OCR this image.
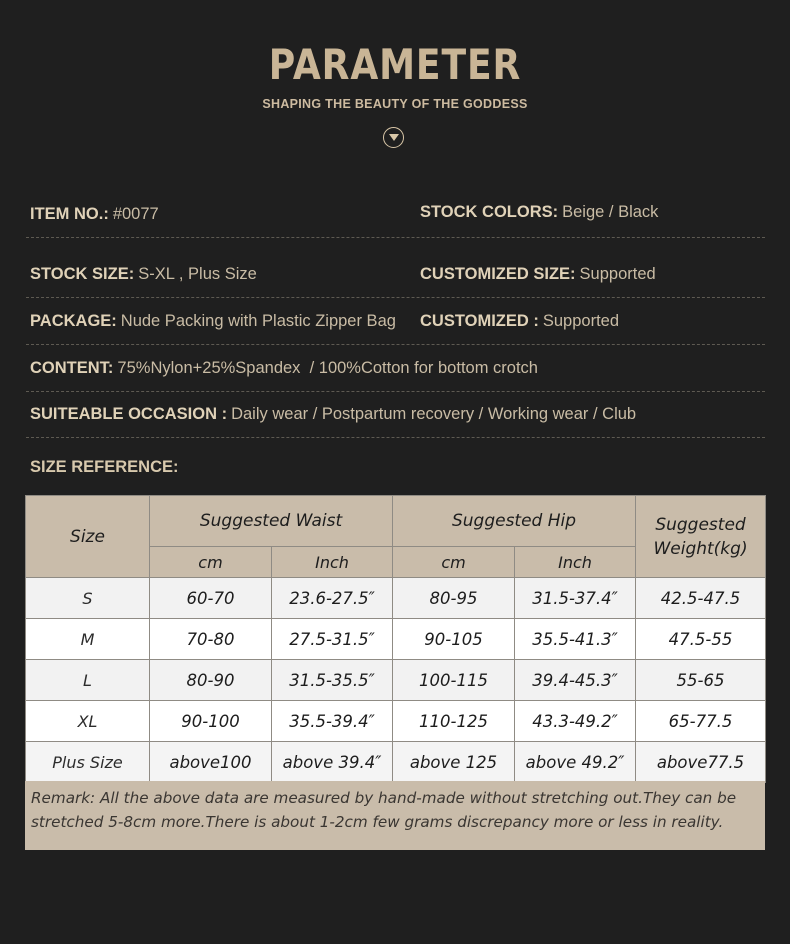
PARAMETER
SHAPING THE BEAUTY OF THE GODDESS
ITEM NO.: #0077	STOCK COLORS: Beige / Black
STOCK SIZE: S-XL , Plus Size	CUSTOMIZED SIZE: Supported
PACKAGE: Nude Packing with Plastic Zipper Bag CUSTOMIZED : Supported
CONTENT: 75%Nylon+25%Spandex  / 100%Cotton for bottom crotch
SUITEABLE OCCASION : Daily wear / Postpartum recovery / Working wear / Club
SIZE REFERENCE:
Size	Suggested Waist		Suggested Hip		Suggested
Weight(kg)
	cm	Inch	cm	Inch	
S	60-70	23.6-27.5″	80-95	31.5-37.4″	42.5-47.5
M	70-80	27.5-31.5″	90-105	35.5-41.3″	47.5-55
L	80-90	31.5-35.5″	100-115	39.4-45.3″	55-65
XL	90-100	35.5-39.4″	110-125	43.3-49.2″	65-77.5
Plus Size	above100	above 39.4″	above 125	above 49.2″	above77.5
Remark: All the above data are measured by hand-made without stretching out.They can be stretched 5-8cm more.There is about 1-2cm few grams discrepancy more or less in reality.
